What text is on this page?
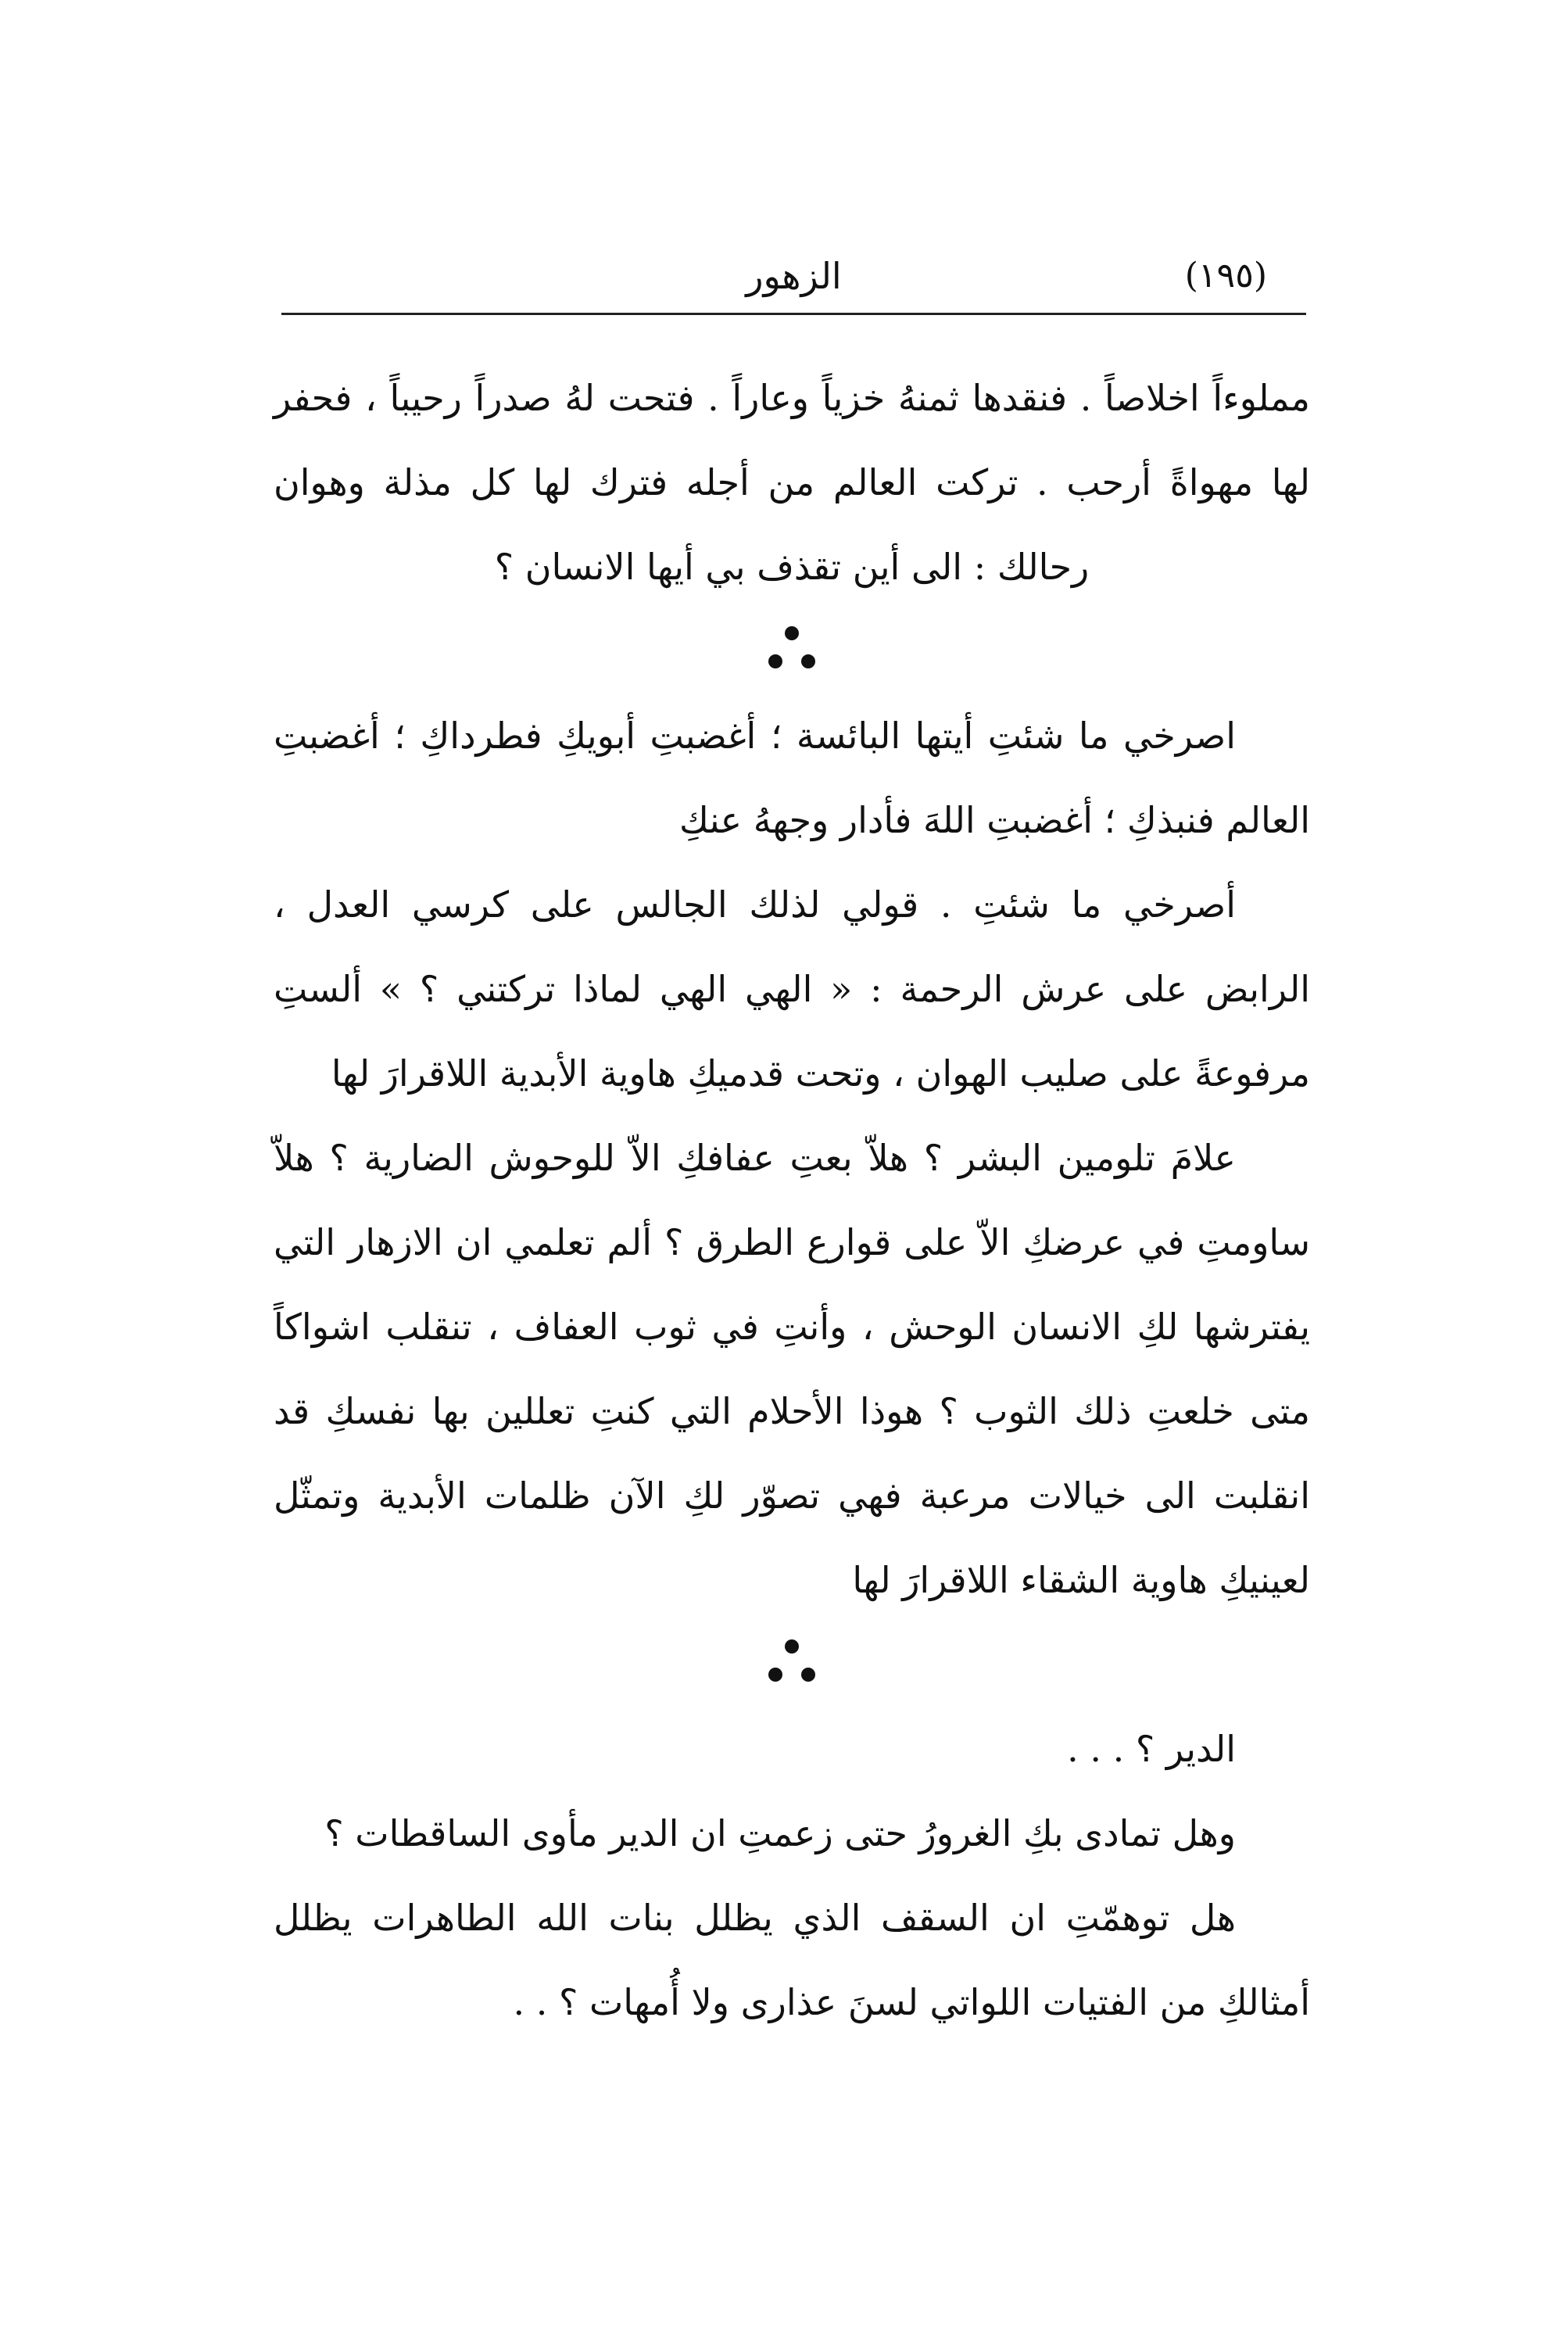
الزهور	(١٩٥)

مملوءاً اخلاصاً . فنقدها ثمنهُ خزياً وعاراً . فتحت لهُ صدراً رحيباً ، فحفر لها مهواةً أرحب . تركت العالم من أجله فترك لها كل مذلة وهوان رحالك : الى أين تقذف بي أيها الانسان ؟

اصرخي ما شئتِ أيتها البائسة ؛ أغضبتِ أبويكِ فطرداكِ ؛ أغضبتِ العالم فنبذكِ ؛ أغضبتِ اللهَ فأدار وجههُ عنكِ

أصرخي ما شئتِ . قولي لذلك الجالس على كرسي العدل ، الرابض على عرش الرحمة : « الهي الهي لماذا تركتني ؟ » ألستِ مرفوعةً على صليب الهوان ، وتحت قدميكِ هاوية الأبدية اللاقرارَ لها

علامَ تلومين البشر ؟ هلاّ بعتِ عفافكِ الاّ للوحوش الضارية ؟ هلاّ ساومتِ في عرضكِ الاّ على قوارع الطرق ؟ ألم تعلمي ان الازهار التي يفترشها لكِ الانسان الوحش ، وأنتِ في ثوب العفاف ، تنقلب اشواكاً متى خلعتِ ذلك الثوب ؟ هوذا الأحلام التي كنتِ تعللين بها نفسكِ قد انقلبت الى خيالات مرعبة فهي تصوّر لكِ الآن ظلمات الأبدية وتمثّل لعينيكِ هاوية الشقاء اللاقرارَ لها

الدير ؟ . . .

وهل تمادى بكِ الغرورُ حتى زعمتِ ان الدير مأوى الساقطات ؟

هل توهمّتِ ان السقف الذي يظلل بنات الله الطاهرات يظلل أمثالكِ من الفتيات اللواتي لسنَ عذارى ولا أُمهات ؟ . .
